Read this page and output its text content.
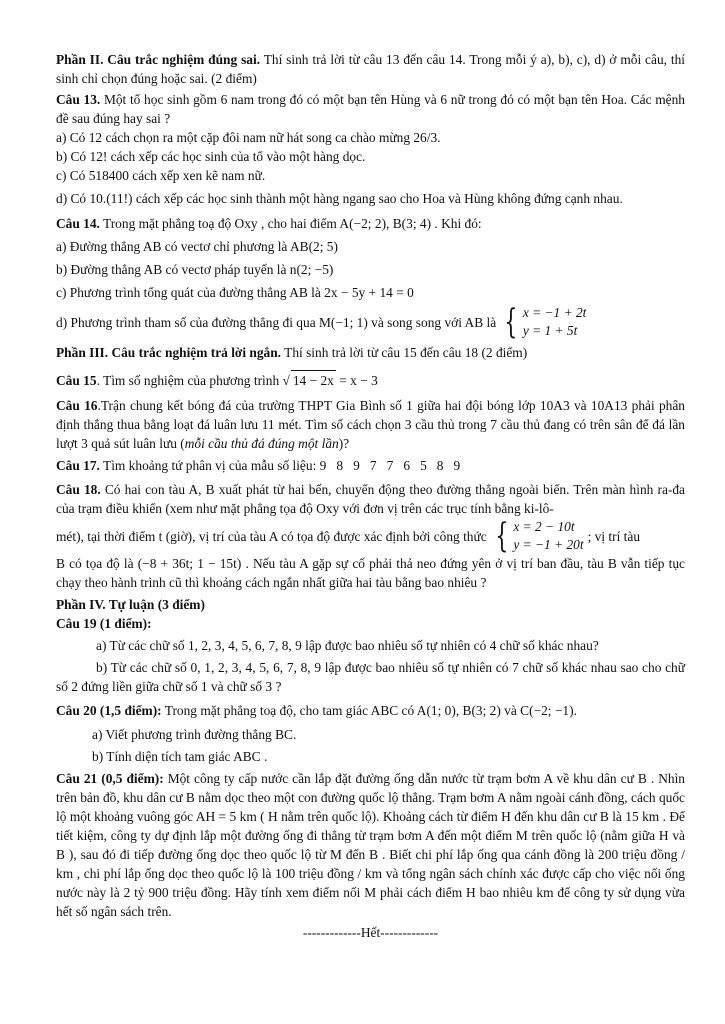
Phần II. Câu trắc nghiệm đúng sai. Thí sinh trả lời từ câu 13 đến câu 14. Trong mỗi ý a), b), c), d) ở mỗi câu, thí sinh chỉ chọn đúng hoặc sai. (2 điểm)

Câu 13. Một tổ học sinh gồm 6 nam trong đó có một bạn tên Hùng và 6 nữ trong đó có một bạn tên Hoa. Các mệnh đề sau đúng hay sai ?

a) Có 12 cách chọn ra một cặp đôi nam nữ hát song ca chào mừng 26/3.

b) Có 12! cách xếp các học sinh của tổ vào một hàng dọc.

c) Có 518400 cách xếp xen kẽ nam nữ.

d) Có 10.(11!) cách xếp các học sinh thành một hàng ngang sao cho Hoa và Hùng không đứng cạnh nhau.

Câu 14. Trong mặt phẳng toạ độ Oxy , cho hai điểm A(−2; 2), B(3; 4) . Khi đó:

a) Đường thẳng AB có vectơ chỉ phương là AB(2; 5)

b) Đường thẳng AB có vectơ pháp tuyến là n(2; −5)

c) Phương trình tổng quát của đường thẳng AB là 2x − 5y + 14 = 0

d) Phương trình tham số của đường thẳng đi qua M(−1; 1) và song song với AB là { x = −1 + 2t
y = 1 + 5t

Phần III. Câu trắc nghiệm trả lời ngắn. Thí sinh trả lời từ câu 15 đến câu 18 (2 điểm)

Câu 15. Tìm số nghiệm của phương trình √ 14 − 2x = x − 3

Câu 16.Trận chung kết bóng đá của trường THPT Gia Bình số 1 giữa hai đội bóng lớp 10A3 và 10A13 phải phân định thắng thua bằng loạt đá luân lưu 11 mét. Tìm số cách chọn 3 cầu thủ trong 7 cầu thủ đang có trên sân để đá lần lượt 3 quả sút luân lưu (mỗi cầu thủ đá đúng một lần)?

Câu 17. Tìm khoảng tứ phân vị của mẫu số liệu: 9   8   9   7   7   6   5   8   9

Câu 18. Có hai con tàu A, B xuất phát từ hai bến, chuyển động theo đường thẳng ngoài biển. Trên màn hình ra-đa của trạm điều khiển (xem như mặt phẳng tọa độ Oxy với đơn vị trên các trục tính bằng ki-lô-

mét), tại thời điểm t (giờ), vị trí của tàu A có tọa độ được xác định bởi công thức { x = 2 − 10t
y = −1 + 20t
; vị trí tàu

B có tọa độ là (−8 + 36t; 1 − 15t) . Nếu tàu A gặp sự cố phải thả neo đứng yên ở vị trí ban đầu, tàu B vẫn tiếp tục chạy theo hành trình cũ thì khoảng cách ngắn nhất giữa hai tàu bằng bao nhiêu ?

Phần IV. Tự luận (3 điểm)

Câu 19 (1 điểm):

a) Từ các chữ số 1, 2, 3, 4, 5, 6, 7, 8, 9 lập được bao nhiêu số tự nhiên có 4 chữ số khác nhau?

b) Từ các chữ số 0, 1, 2, 3, 4, 5, 6, 7, 8, 9 lập được bao nhiêu số tự nhiên có 7 chữ số khác nhau sao cho chữ số 2 đứng liền giữa chữ số 1 và chữ số 3 ?

Câu 20 (1,5 điểm): Trong mặt phẳng toạ độ, cho tam giác ABC có A(1; 0), B(3; 2) và C(−2; −1).

a) Viết phương trình đường thẳng BC.

b) Tính diện tích tam giác ABC .

Câu 21 (0,5 điểm): Một công ty cấp nước cần lắp đặt đường ống dẫn nước từ trạm bơm A về khu dân cư B . Nhìn trên bản đồ, khu dân cư B nằm dọc theo một con đường quốc lộ thẳng. Trạm bơm A nằm ngoài cánh đồng, cách quốc lộ một khoảng vuông góc AH = 5 km ( H nằm trên quốc lộ). Khoảng cách từ điểm H đến khu dân cư B là 15 km . Để tiết kiệm, công ty dự định lắp một đường ống đi thẳng từ trạm bơm A đến một điểm M trên quốc lộ (nằm giữa H và B ), sau đó đi tiếp đường ống dọc theo quốc lộ từ M đến B . Biết chi phí lắp ống qua cánh đồng là 200 triệu đồng / km , chi phí lắp ống dọc theo quốc lộ là 100 triệu đồng / km và tổng ngân sách chính xác được cấp cho việc nối ống nước này là 2 tỷ 900 triệu đồng. Hãy tính xem điểm nối M phải cách điểm H bao nhiêu km để công ty sử dụng vừa hết số ngân sách trên.

-------------Hết-------------
